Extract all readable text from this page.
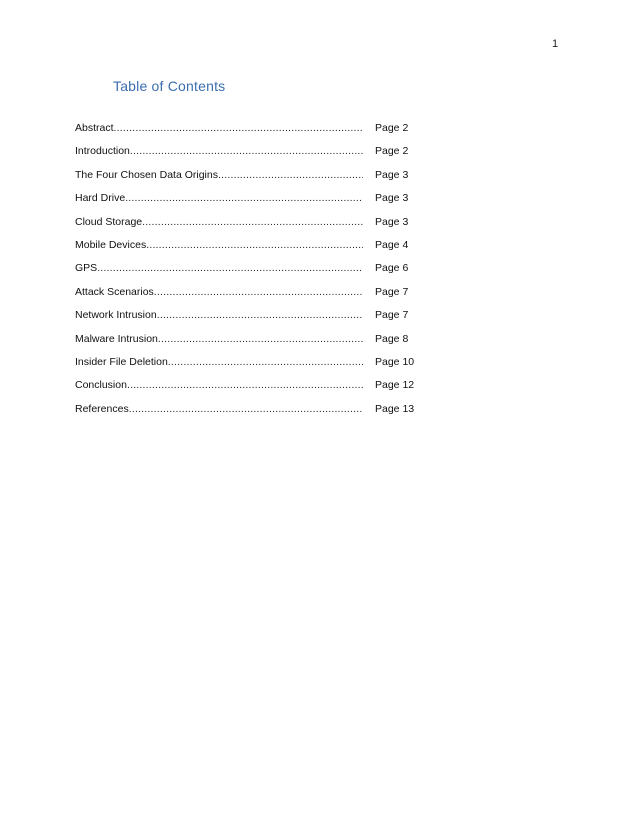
1
Table of Contents
Abstract .....	Page 2
Introduction .....	Page 2
The Four Chosen Data Origins .....	Page 3
Hard Drive .....	Page 3
Cloud Storage .....	Page 3
Mobile Devices .....	Page 4
GPS .....	Page 6
Attack Scenarios .....	Page 7
Network Intrusion .....	Page 7
Malware Intrusion .....	Page 8
Insider File Deletion .....	Page 10
Conclusion .....	Page 12
References .....	Page 13
